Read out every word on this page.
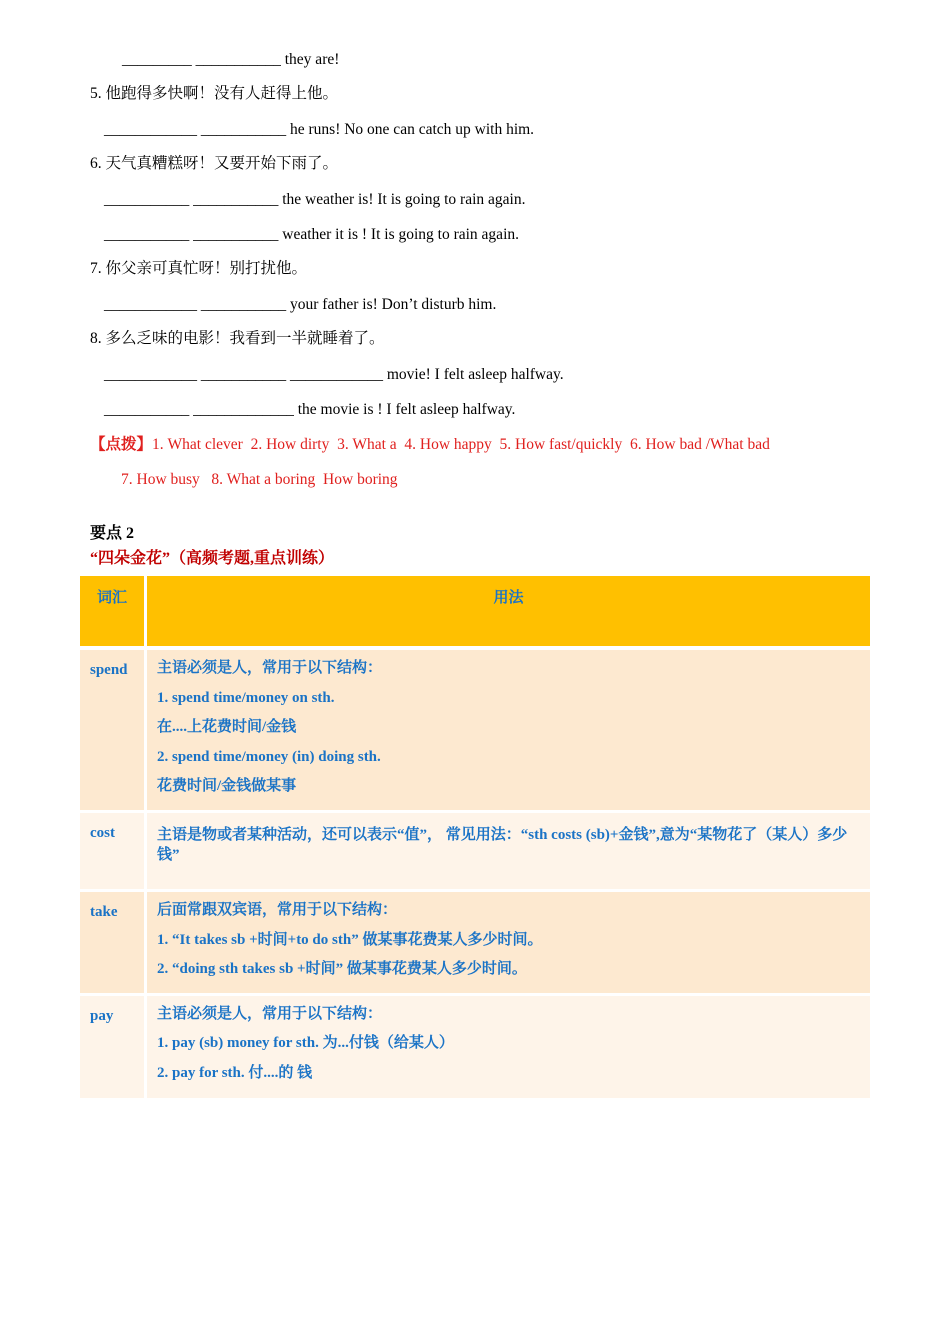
_________ ___________ they are!
5. 他跑得多快啊！没有人赶得上他。
____________ ___________ he runs! No one can catch up with him.
6. 天气真糟糕呀！又要开始下雨了。
___________ ___________ the weather is! It is going to rain again.
___________ ___________ weather it is ! It is going to rain again.
7. 你父亲可真忙呀！别打扰他。
____________ ___________ your father is! Don’t disturb him.
8. 多么乏味的电影！我看到一半就睡着了。
____________ ___________ ____________ movie! I felt asleep halfway.
___________ _____________ the movie is ! I felt asleep halfway.
【点拨】1. What clever  2. How dirty  3. What a  4. How happy  5. How fast/quickly  6. How bad /What bad
7. How busy   8. What a boring  How boring
要点 2
“四朵金花”（高频考题,重点训练）
词汇	用法
spend	主语必须是人，常用于以下结构：
1. spend time/money on sth.
在....上花费时间/金钱
2. spend time/money (in) doing sth.
花费时间/金钱做某事

cost	主语是物或者某种活动，还可以表示“值”， 常见用法：“sth costs (sb)+金钱”,意为“某物花了（某人）多少钱”

take	后面常跟双宾语，常用于以下结构：
1. “It takes sb +时间+to do sth” 做某事花费某人多少时间。
2. “doing sth takes sb +时间” 做某事花费某人多少时间。

pay	主语必须是人，常用于以下结构：
1. pay (sb) money for sth. 为...付钱（给某人）
2. pay for sth. 付....的 钱
